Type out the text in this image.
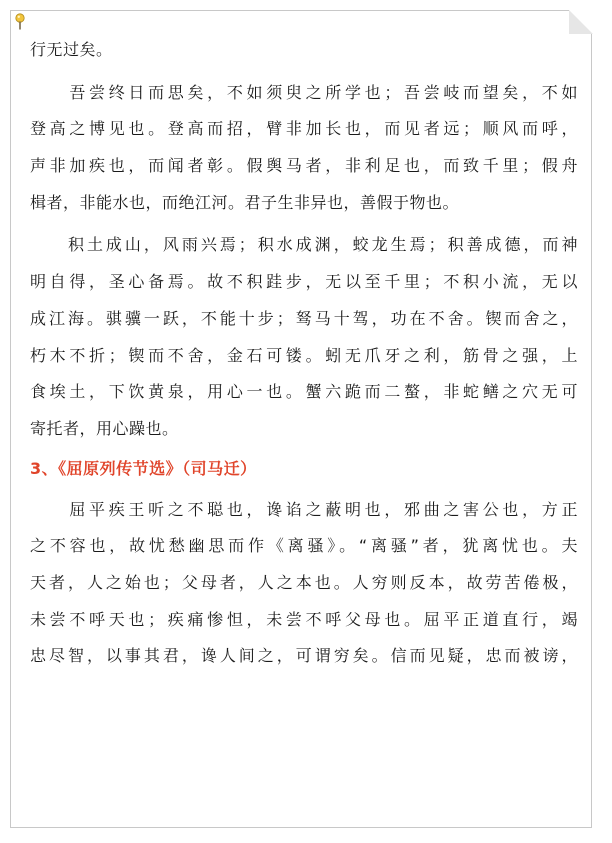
行无过矣。
　　吾尝终日而思矣，不如须臾之所学也；吾尝岐而望矣，不如
登高之博见也。登高而招，臂非加长也，而见者远；顺风而呼，
声非加疾也，而闻者彰。假舆马者，非利足也，而致千里；假舟
楫者，非能水也，而绝江河。君子生非异也，善假于物也。
　　积土成山，风雨兴焉；积水成渊，蛟龙生焉；积善成德，而神
明自得，圣心备焉。故不积跬步，无以至千里；不积小流，无以
成江海。骐骥一跃，不能十步；驽马十驾，功在不舍。锲而舍之，
朽木不折；锲而不舍，金石可镂。蚓无爪牙之利，筋骨之强，上
食埃土，下饮黄泉，用心一也。蟹六跪而二螯，非蛇鳝之穴无可
寄托者，用心躁也。
3、《屈原列传节选》（司马迁）
　　屈平疾王听之不聪也，谗谄之蔽明也，邪曲之害公也，方正
之不容也，故忧愁幽思而作《离骚》。“离骚”者，犹离忧也。夫
天者，人之始也；父母者，人之本也。人穷则反本，故劳苦倦极，
未尝不呼天也；疾痛惨怛，未尝不呼父母也。屈平正道直行，竭
忠尽智，以事其君，谗人间之，可谓穷矣。信而见疑，忠而被谤，
